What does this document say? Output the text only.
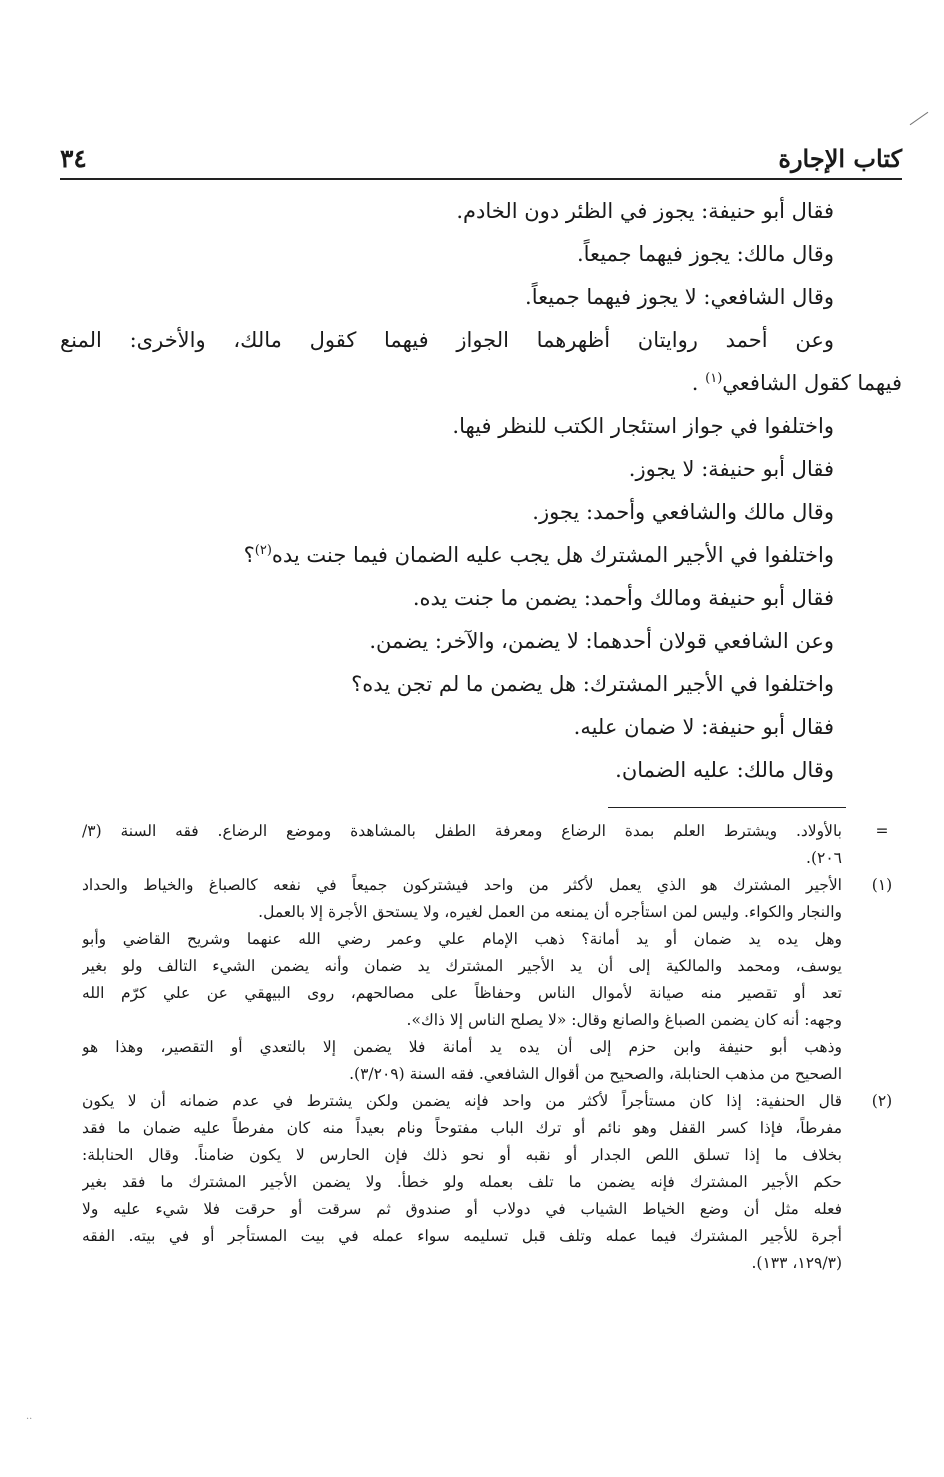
كتاب الإجارة
٣٤
فقال أبو حنيفة: يجوز في الظئر دون الخادم.
وقال مالك: يجوز فيهما جميعاً.
وقال الشافعي: لا يجوز فيهما جميعاً.
وعن أحمد روايتان أظهرهما الجواز فيهما كقول مالك، والأخرى: المنع
فيهما كقول الشافعي$^{(١)}$ .
واختلفوا في جواز استئجار الكتب للنظر فيها.
فقال أبو حنيفة: لا يجوز.
وقال مالك والشافعي وأحمد: يجوز.
واختلفوا في الأجير المشترك هل يجب عليه الضمان فيما جنت يده$^{(٢)}$؟
فقال أبو حنيفة ومالك وأحمد: يضمن ما جنت يده.
وعن الشافعي قولان أحدهما: لا يضمن، والآخر: يضمن.
واختلفوا في الأجير المشترك: هل يضمن ما لم تجن يده؟
فقال أبو حنيفة: لا ضمان عليه.
وقال مالك: عليه الضمان.
=
بالأولاد. ويشترط العلم بمدة الرضاع ومعرفة الطفل بالمشاهدة وموضع الرضاع. فقه السنة (٣/
٢٠٦).
(١)
الأجير المشترك هو الذي يعمل لأكثر من واحد فيشتركون جميعاً في نفعه كالصباغ والخياط والحداد
والنجار والكواء. وليس لمن استأجره أن يمنعه من العمل لغيره، ولا يستحق الأجرة إلا بالعمل.
وهل يده يد ضمان أو يد أمانة؟ ذهب الإمام علي وعمر رضي الله عنهما وشريح القاضي وأبو
يوسف، ومحمد والمالكية إلى أن يد الأجير المشترك يد ضمان وأنه يضمن الشيء التالف ولو بغير
تعد أو تقصير منه صيانة لأموال الناس وحفاظاً على مصالحهم، روى البيهقي عن علي كرّم الله
وجهه: أنه كان يضمن الصباغ والصانع وقال: «لا يصلح الناس إلا ذاك».
وذهب أبو حنيفة وابن حزم إلى أن يده يد أمانة فلا يضمن إلا بالتعدي أو التقصير، وهذا هو
الصحيح من مذهب الحنابلة، والصحيح من أقوال الشافعي. فقه السنة (٣/٢٠٩).
(٢)
قال الحنفية: إذا كان مستأجراً لأكثر من واحد فإنه يضمن ولكن يشترط في عدم ضمانه أن لا يكون
مفرطاً، فإذا كسر القفل وهو نائم أو ترك الباب مفتوحاً ونام بعيداً منه كان مفرطاً عليه ضمان ما فقد
بخلاف ما إذا تسلق اللص الجدار أو نقبه أو نحو ذلك فإن الحارس لا يكون ضامناً. وقال الحنابلة:
حكم الأجير المشترك فإنه يضمن ما تلف بعمله ولو خطأ. ولا يضمن الأجير المشترك ما فقد بغير
فعله مثل أن وضع الخياط الشياب في دولاب أو صندوق ثم سرقت أو حرقت فلا شيء عليه ولا
أجرة للأجير المشترك فيما عمله وتلف قبل تسليمه سواء عمله في بيت المستأجر أو في بيته. الفقه
(١٢٩/٣، ١٣٣).
··
